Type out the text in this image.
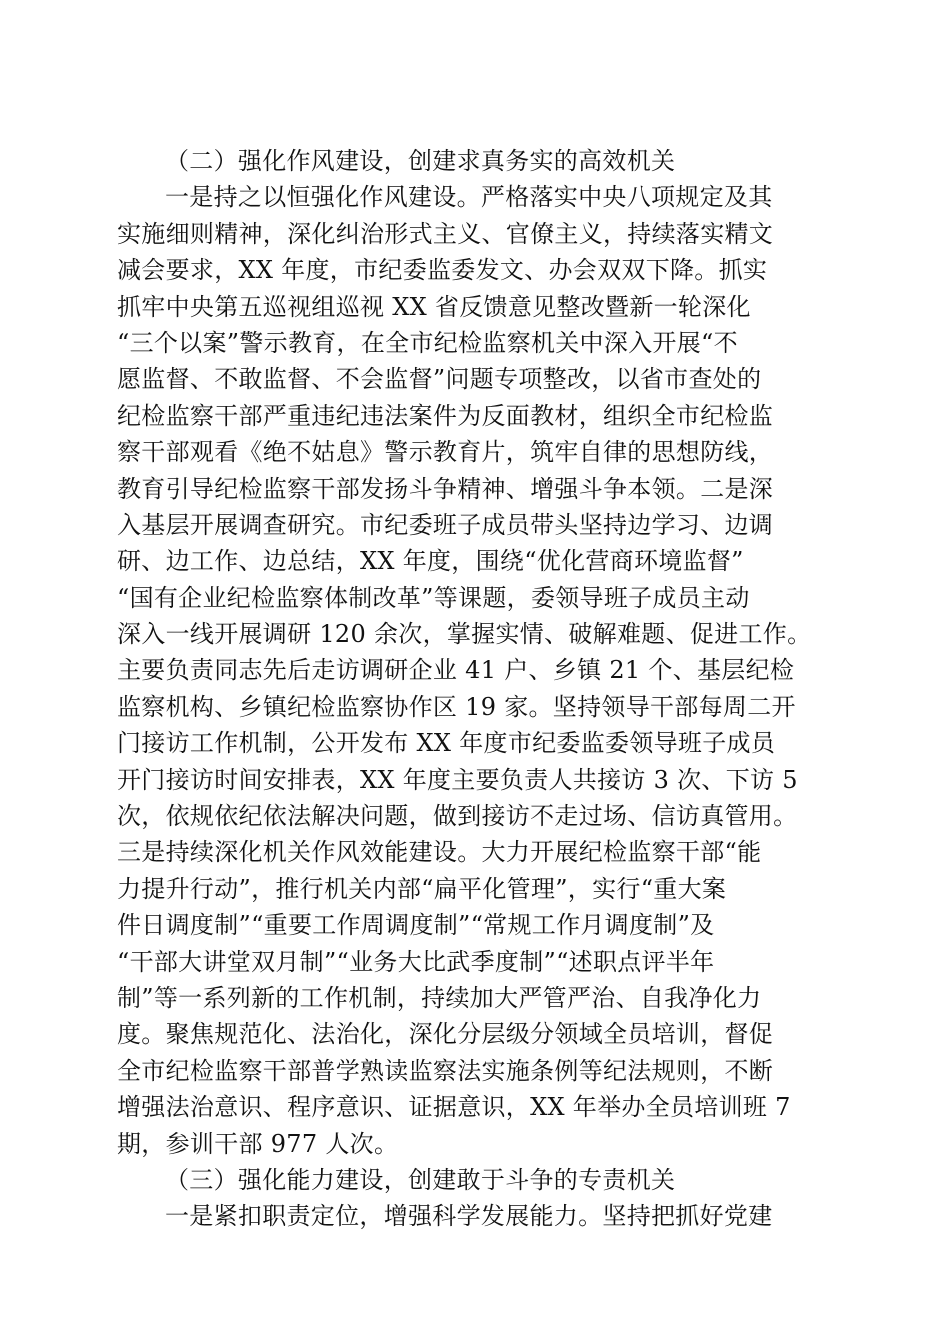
（二）强化作风建设，创建求真务实的高效机关
一是持之以恒强化作风建设。严格落实中央八项规定及其
实施细则精神，深化纠治形式主义、官僚主义，持续落实精文
减会要求，XX 年度，市纪委监委发文、办会双双下降。抓实
抓牢中央第五巡视组巡视 XX 省反馈意见整改暨新一轮深化
“三个以案”警示教育，在全市纪检监察机关中深入开展“不
愿监督、不敢监督、不会监督”问题专项整改，以省市查处的
纪检监察干部严重违纪违法案件为反面教材，组织全市纪检监
察干部观看《绝不姑息》警示教育片，筑牢自律的思想防线，
教育引导纪检监察干部发扬斗争精神、增强斗争本领。二是深
入基层开展调查研究。市纪委班子成员带头坚持边学习、边调
研、边工作、边总结，XX 年度，围绕“优化营商环境监督”
“国有企业纪检监察体制改革”等课题，委领导班子成员主动
深入一线开展调研 120 余次，掌握实情、破解难题、促进工作。
主要负责同志先后走访调研企业 41 户、乡镇 21 个、基层纪检
监察机构、乡镇纪检监察协作区 19 家。坚持领导干部每周二开
门接访工作机制，公开发布 XX 年度市纪委监委领导班子成员
开门接访时间安排表，XX 年度主要负责人共接访 3 次、下访 5
次，依规依纪依法解决问题，做到接访不走过场、信访真管用。
三是持续深化机关作风效能建设。大力开展纪检监察干部“能
力提升行动”，推行机关内部“扁平化管理”，实行“重大案
件日调度制”“重要工作周调度制”“常规工作月调度制”及
“干部大讲堂双月制”“业务大比武季度制”“述职点评半年
制”等一系列新的工作机制，持续加大严管严治、自我净化力
度。聚焦规范化、法治化，深化分层级分领域全员培训，督促
全市纪检监察干部普学熟读监察法实施条例等纪法规则，不断
增强法治意识、程序意识、证据意识，XX 年举办全员培训班 7
期，参训干部 977 人次。
（三）强化能力建设，创建敢于斗争的专责机关
一是紧扣职责定位，增强科学发展能力。坚持把抓好党建
